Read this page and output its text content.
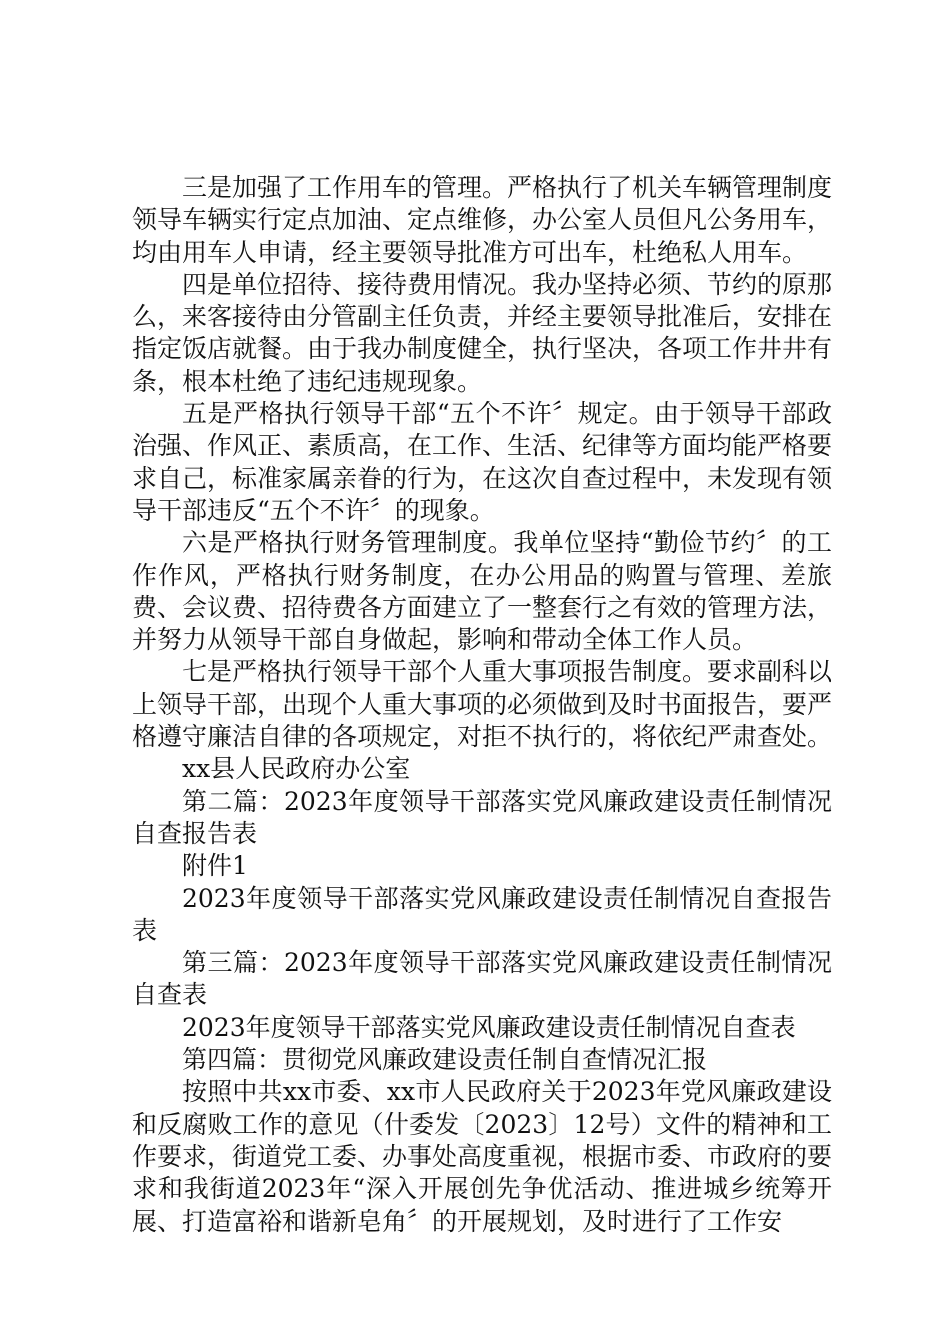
三是加强了工作用车的管理。严格执行了机关车辆管理制度领导车辆实行定点加油、定点维修，办公室人员但凡公务用车，均由用车人申请，经主要领导批准方可出车，杜绝私人用车。

四是单位招待、接待费用情况。我办坚持必须、节约的原那么，来客接待由分管副主任负责，并经主要领导批准后，安排在指定饭店就餐。由于我办制度健全，执行坚决，各项工作井井有条，根本杜绝了违纪违规现象。

五是严格执行领导干部“五个不许〞规定。由于领导干部政治强、作风正、素质高，在工作、生活、纪律等方面均能严格要求自己，标准家属亲眷的行为，在这次自查过程中，未发现有领导干部违反“五个不许〞的现象。

六是严格执行财务管理制度。我单位坚持“勤俭节约〞的工作作风，严格执行财务制度，在办公用品的购置与管理、差旅费、会议费、招待费各方面建立了一整套行之有效的管理方法，并努力从领导干部自身做起，影响和带动全体工作人员。

七是严格执行领导干部个人重大事项报告制度。要求副科以上领导干部，出现个人重大事项的必须做到及时书面报告，要严格遵守廉洁自律的各项规定，对拒不执行的，将依纪严肃查处。

xx县人民政府办公室

第二篇：2023年度领导干部落实党风廉政建设责任制情况自查报告表

附件1

2023年度领导干部落实党风廉政建设责任制情况自查报告表

第三篇：2023年度领导干部落实党风廉政建设责任制情况自查表

2023年度领导干部落实党风廉政建设责任制情况自查表

第四篇：贯彻党风廉政建设责任制自查情况汇报

按照中共xx市委、xx市人民政府关于2023年党风廉政建设和反腐败工作的意见（什委发〔2023〕12号）文件的精神和工作要求，街道党工委、办事处高度重视，根据市委、市政府的要求和我街道2023年“深入开展创先争优活动、推进城乡统筹开展、打造富裕和谐新皂角〞的开展规划，及时进行了工作安
